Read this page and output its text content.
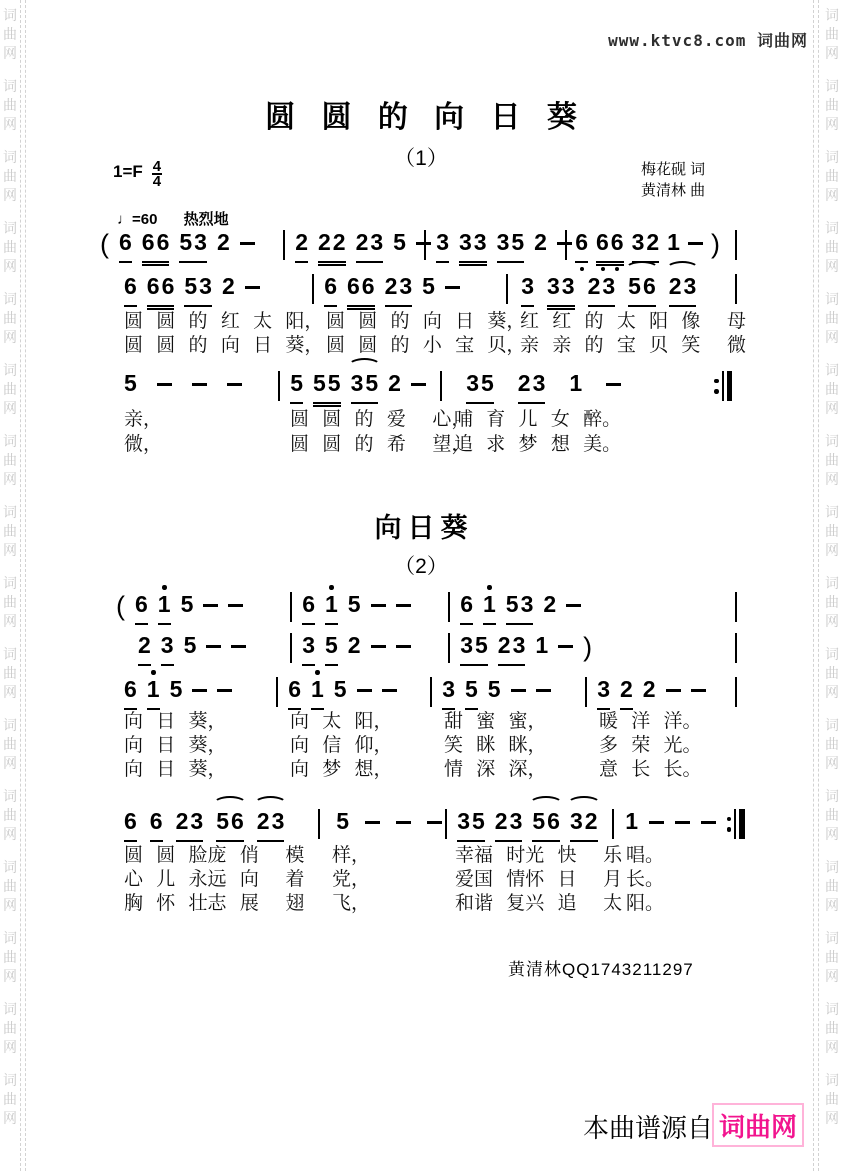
词
曲
网
词
曲
网
词
曲
网
词
曲
网
词
曲
网
词
曲
网
词
曲
网
词
曲
网
词
曲
网
词
曲
网
词
曲
网
词
曲
网
词
曲
网
词
曲
网
词
曲
网
词
曲
网
词
曲
网
词
曲
网
词
曲
网
词
曲
网
词
曲
网
词
曲
网
词
曲
网
词
曲
网
词
曲
网
词
曲
网
词
曲
网
词
曲
网
词
曲
网
词
曲
网
词
曲
网
词
曲
网
www.ktvc8.com 词曲网
圆 圆 的 向 日 葵
（1）
$1=F \frac{4}{4}$	梅花砚 词
黄清林 曲
♩=60 热烈地
向日葵
（2）
黄清林QQ1743211297
本曲谱源自 词曲网
( 6 66 53 2	2 22 23 5 3 33 35 2 6 66 32 1 )
6 66 53 2	6 66 23 5	3 33 23 56 23
5	5 55 35 2	35 23 1
( 6 1 5	6 1 5	6 1 53 2
2 3 5	3 5 2	35 23 1 )
6 1 5	6 1 5	3 5 5	3 2 2
6 6 23 56 23 5	35 23 56 32 1
圆 圆 的 红 太 阳， 圆 圆 的 向 日 葵，
红 红 的 太 阳 像  母
圆 圆 的 向 日 葵， 圆 圆 的 小 宝 贝，
亲 亲 的 宝 贝 笑  微
亲，	圆 圆 的 爱  心，
哺 育 儿 女 醉。
微，	圆 圆 的 希  望，
追 求 梦 想 美。
向 日 葵，	向 太 阳，	甜 蜜 蜜，	暖 洋 洋。
向 日 葵，	向 信 仰，	笑 眯 眯，	多 荣 光。
向 日 葵，	向 梦 想，	情 深 深，	意 长 长。
圆 圆 脸庞 俏  模 样，	幸福 时光 快  乐 唱。
心 儿 永远 向  着 党，	爱国 情怀 日  月 长。
胸 怀 壮志 展  翅 飞，	和谐 复兴 追  太 阳。
